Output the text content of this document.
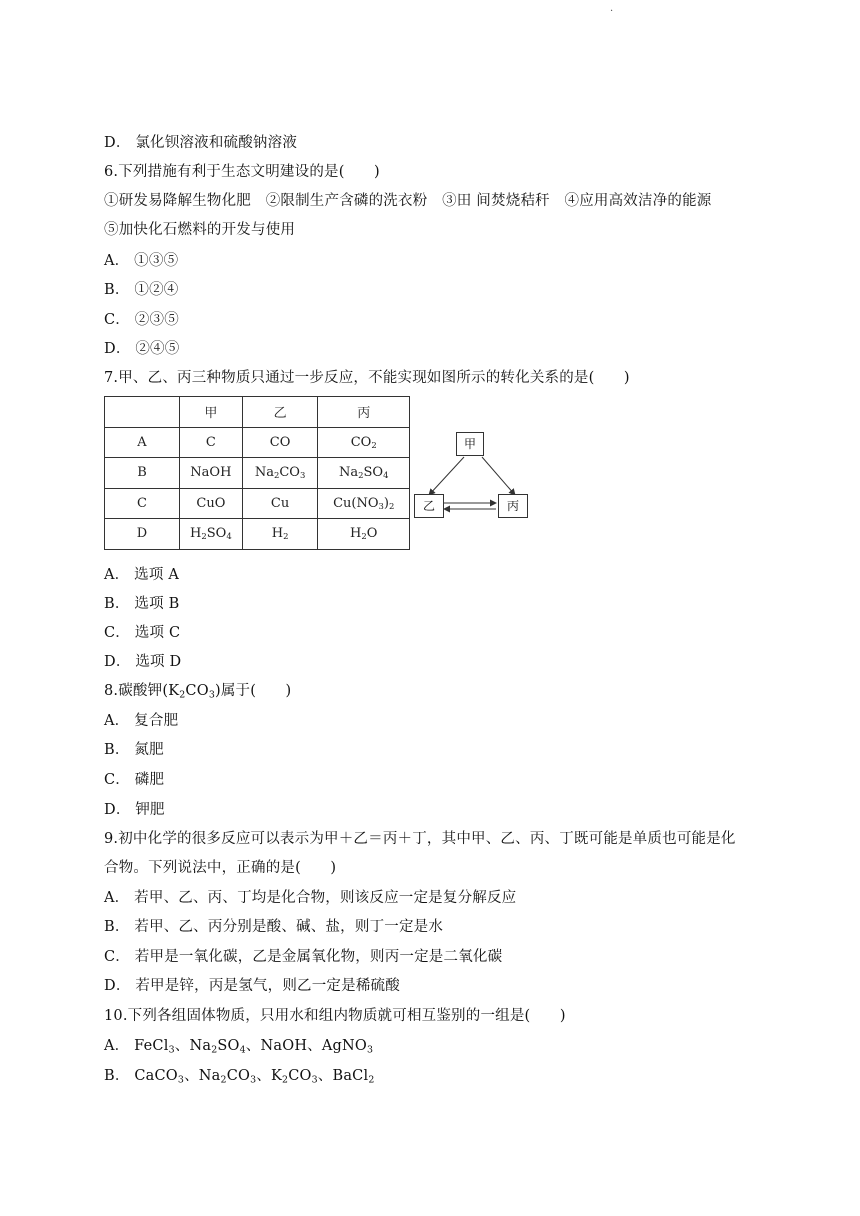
·
D． 氯化钡溶液和硫酸钠溶液
6.下列措施有利于生态文明建设的是(　　)
①研发易降解生物化肥　②限制生产含磷的洗衣粉　③田 间焚烧秸秆　④应用高效洁净的能源
⑤加快化石燃料的开发与使用
A． ①③⑤
B． ①②④
C． ②③⑤
D． ②④⑤
7.甲、乙、丙三种物质只通过一步反应，不能实现如图所示的转化关系的是(　　)
	甲	乙	丙
A	C	CO	$CO_2$
B	NaOH	$Na_2CO_3$	$Na_2SO_4$
C	CuO	Cu	$Cu(NO_3)_2$
D	$H_2SO_4$	$H_2$	$H_2O$
甲
乙	丙
A． 选项 A
B． 选项 B
C． 选项 C
D． 选项 D
8.碳酸钾$(K_2CO_3)$属于(　　)
A． 复合肥
B． 氮肥
C． 磷肥
D． 钾肥
9.初中化学的很多反应可以表示为甲＋乙＝丙＋丁，其中甲、乙、丙、丁既可能是单质也可能是化
合物。下列说法中，正确的是(　　)
A． 若甲、乙、丙、丁均是化合物，则该反应一定是复分解反应
B． 若甲、乙、丙分别是酸、碱、盐，则丁一定是水
C． 若甲是一氧化碳，乙是金属氧化物，则丙一定是二氧化碳
D． 若甲是锌，丙是氢气，则乙一定是稀硫酸
10.下列各组固体物质，只用水和组内物质就可相互鉴别的一组是(　　)
A． FeCl$_3$、$Na_2SO_4$、NaOH、AgNO$_3$
B． CaCO$_3$、$Na_2CO_3$、$K_2CO_3$、BaCl$_2$
